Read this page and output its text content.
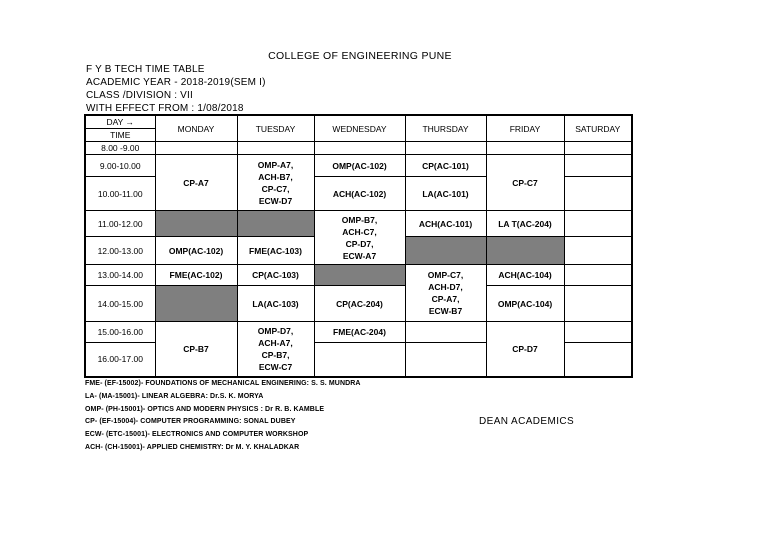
COLLEGE OF ENGINEERING PUNE
F Y B TECH TIME TABLE
ACADEMIC YEAR - 2018-2019(SEM I)
CLASS /DIVISION : VII
WITH EFFECT FROM : 1/08/2018
DAY →
TIME	MONDAY	TUESDAY	WEDNESDAY	THURSDAY	FRIDAY	SATURDAY
8.00 -9.00						
9.00-10.00	CP-A7	OMP-A7,
ACH-B7,
CP-C7,
ECW-D7	OMP(AC-102)	CP(AC-101)	CP-C7	
10.00-11.00			ACH(AC-102)	LA(AC-101)		
11.00-12.00			OMP-B7,
ACH-C7,
CP-D7,
ECW-A7	ACH(AC-101)	LA T(AC-204)	
12.00-13.00	OMP(AC-102)	FME(AC-103)				
13.00-14.00	FME(AC-102)	CP(AC-103)		OMP-C7,
ACH-D7,
CP-A7,
ECW-B7	ACH(AC-104)	
14.00-15.00		LA(AC-103)	CP(AC-204)		OMP(AC-104)	
15.00-16.00	CP-B7	OMP-D7,
ACH-A7,
CP-B7,
ECW-C7	FME(AC-204)		CP-D7	
16.00-17.00						
FME- (EF-15002)- FOUNDATIONS OF MECHANICAL ENGINERING: S. S. MUNDRA
LA- (MA-15001)- LINEAR ALGEBRA: Dr.S. K. MORYA
OMP- (PH-15001)- OPTICS AND MODERN PHYSICS : Dr R. B. KAMBLE
CP- (EF-15004)- COMPUTER PROGRAMMING: SONAL DUBEY
ECW- (ETC-15001)- ELECTRONICS AND COMPUTER WORKSHOP
ACH- (CH-15001)- APPLIED CHEMISTRY: Dr M. Y. KHALADKAR
DEAN ACADEMICS
